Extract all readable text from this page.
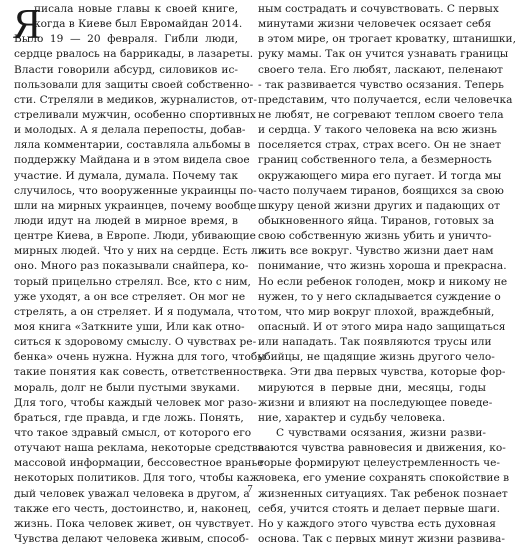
Я
писала новые главы к своей книге,
когда в Киеве был Евромайдан 2014.
Было 19 — 20 февраля. Гибли люди,
сердце рвалось на баррикады, в лазареты.
Власти говорили абсурд, силовиков ис-
пользовали для защиты своей собственно-
сти. Стреляли в медиков, журналистов, от-
стреливали мужчин, особенно спортивных
и молодых. А я делала перепосты, добав-
ляла комментарии, составляла альбомы в
поддержку Майдана и в этом видела свое
участие. И думала, думала. Почему так
случилось, что вооруженные украинцы по-
шли на мирных украинцев, почему вообще
люди идут на людей в мирное время, в
центре Киева, в Европе. Люди, убивающие
мирных людей. Что у них на сердце. Есть ли
оно. Много раз показывали снайпера, ко-
торый прицельно стрелял. Все, кто с ним,
уже уходят, а он все стреляет. Он мог не
стрелять, а он стреляет. И я подумала, что
моя книга «Заткните уши, Или как отно-
ситься к здоровому смыслу. О чувствах ре-
бенка» очень нужна. Нужна для того, чтобы
такие понятия как совесть, ответственность,
мораль, долг не были пустыми звуками.
Для того, чтобы каждый человек мог разо-
браться, где правда, и где ложь. Понять,
что такое здравый смысл, от которого его
отучают наша реклама, некоторые средства
массовой информации, бессовестное вранье
некоторых политиков. Для того, чтобы каж-
дый человек уважал человека в другом, а
также его честь, достоинство, и, наконец,
жизнь. Пока человек живет, он чувствует.
Чувства делают человека живым, способ-
ным сострадать и сочувствовать. С первых
минутами жизни человечек осязает себя
в этом мире, он трогает кроватку, штанишки,
руку мамы. Так он учится узнавать границы
своего тела. Его любят, ласкают, пеленают
- так развивается чувство осязания. Теперь
представим, что получается, если человечка
не любят, не согревают теплом своего тела
и сердца. У такого человека на всю жизнь
поселяется страх, страх всего. Он не знает
границ собственного тела, а безмерность
окружающего мира его пугает. И тогда мы
часто получаем тиранов, боящихся за свою
шкуру ценой жизни других и падающих от
обыкновенного яйца. Тиранов, готовых за
свою собственную жизнь убить и уничто-
жить все вокруг. Чувство жизни дает нам
понимание, что жизнь хороша и прекрасна.
Но если ребенок голоден, мокр и никому не
нужен, то у него складывается суждение о
том, что мир вокруг плохой, враждебный,
опасный. И от этого мира надо защищаться
или нападать. Так появляются трусы или
убийцы, не щадящие жизнь другого чело-
века. Эти два первых чувства, которые фор-
мируются в первые дни, месяцы, годы
жизни и влияют на последующее поведе-
ние, характер и судьбу человека.
С чувствами осязания, жизни разви-
ваются чувства равновесия и движения, ко-
торые формируют целеустремленность че-
ловека, его умение сохранять спокойствие в
жизненных ситуациях. Так ребенок познает
себя, учится стоять и делает первые шаги.
Но у каждого этого чувства есть духовная
основа. Так с первых минут жизни развива-
7
